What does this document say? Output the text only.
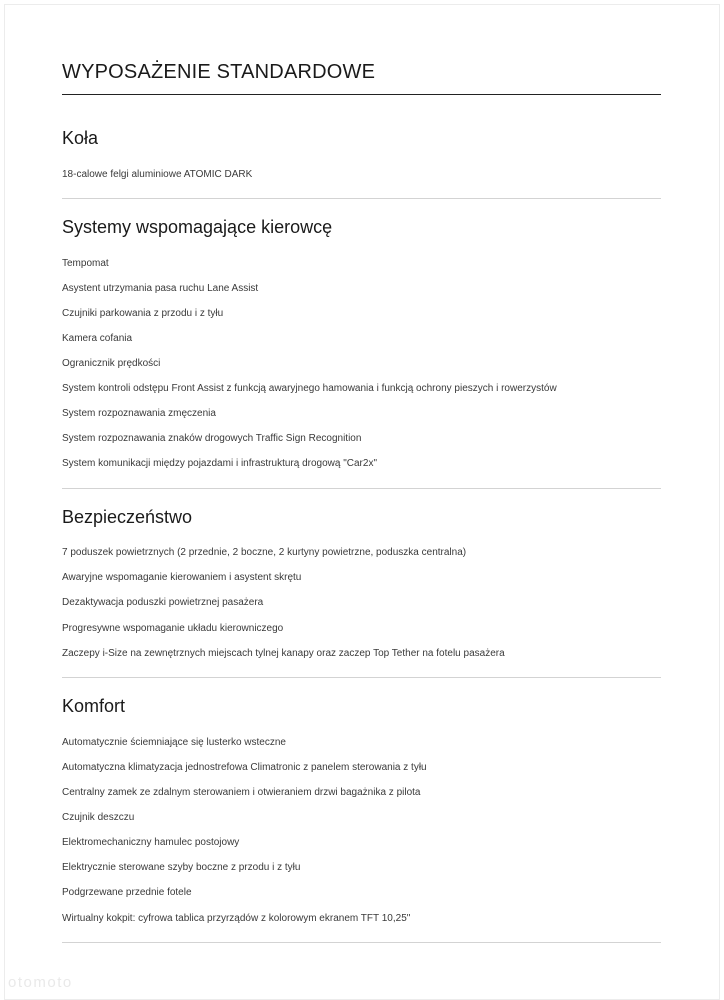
WYPOSAŻENIE STANDARDOWE
Koła
18-calowe felgi aluminiowe ATOMIC DARK
Systemy wspomagające kierowcę
Tempomat
Asystent utrzymania pasa ruchu Lane Assist
Czujniki parkowania z przodu i z tyłu
Kamera cofania
Ogranicznik prędkości
System kontroli odstępu Front Assist z funkcją awaryjnego hamowania i funkcją ochrony pieszych i rowerzystów
System rozpoznawania zmęczenia
System rozpoznawania znaków drogowych Traffic Sign Recognition
System komunikacji między pojazdami i infrastrukturą drogową "Car2x"
Bezpieczeństwo
7 poduszek powietrznych (2 przednie, 2 boczne, 2 kurtyny powietrzne, poduszka centralna)
Awaryjne wspomaganie kierowaniem i asystent skrętu
Dezaktywacja poduszki powietrznej pasażera
Progresywne wspomaganie układu kierowniczego
Zaczepy i-Size na zewnętrznych miejscach tylnej kanapy oraz zaczep Top Tether na fotelu pasażera
Komfort
Automatycznie ściemniające się lusterko wsteczne
Automatyczna klimatyzacja jednostrefowa Climatronic z panelem sterowania z tyłu
Centralny zamek ze zdalnym sterowaniem i otwieraniem drzwi bagażnika z pilota
Czujnik deszczu
Elektromechaniczny hamulec postojowy
Elektrycznie sterowane szyby boczne z przodu i z tyłu
Podgrzewane przednie fotele
Wirtualny kokpit: cyfrowa tablica przyrządów z kolorowym ekranem TFT 10,25"
otomoto
